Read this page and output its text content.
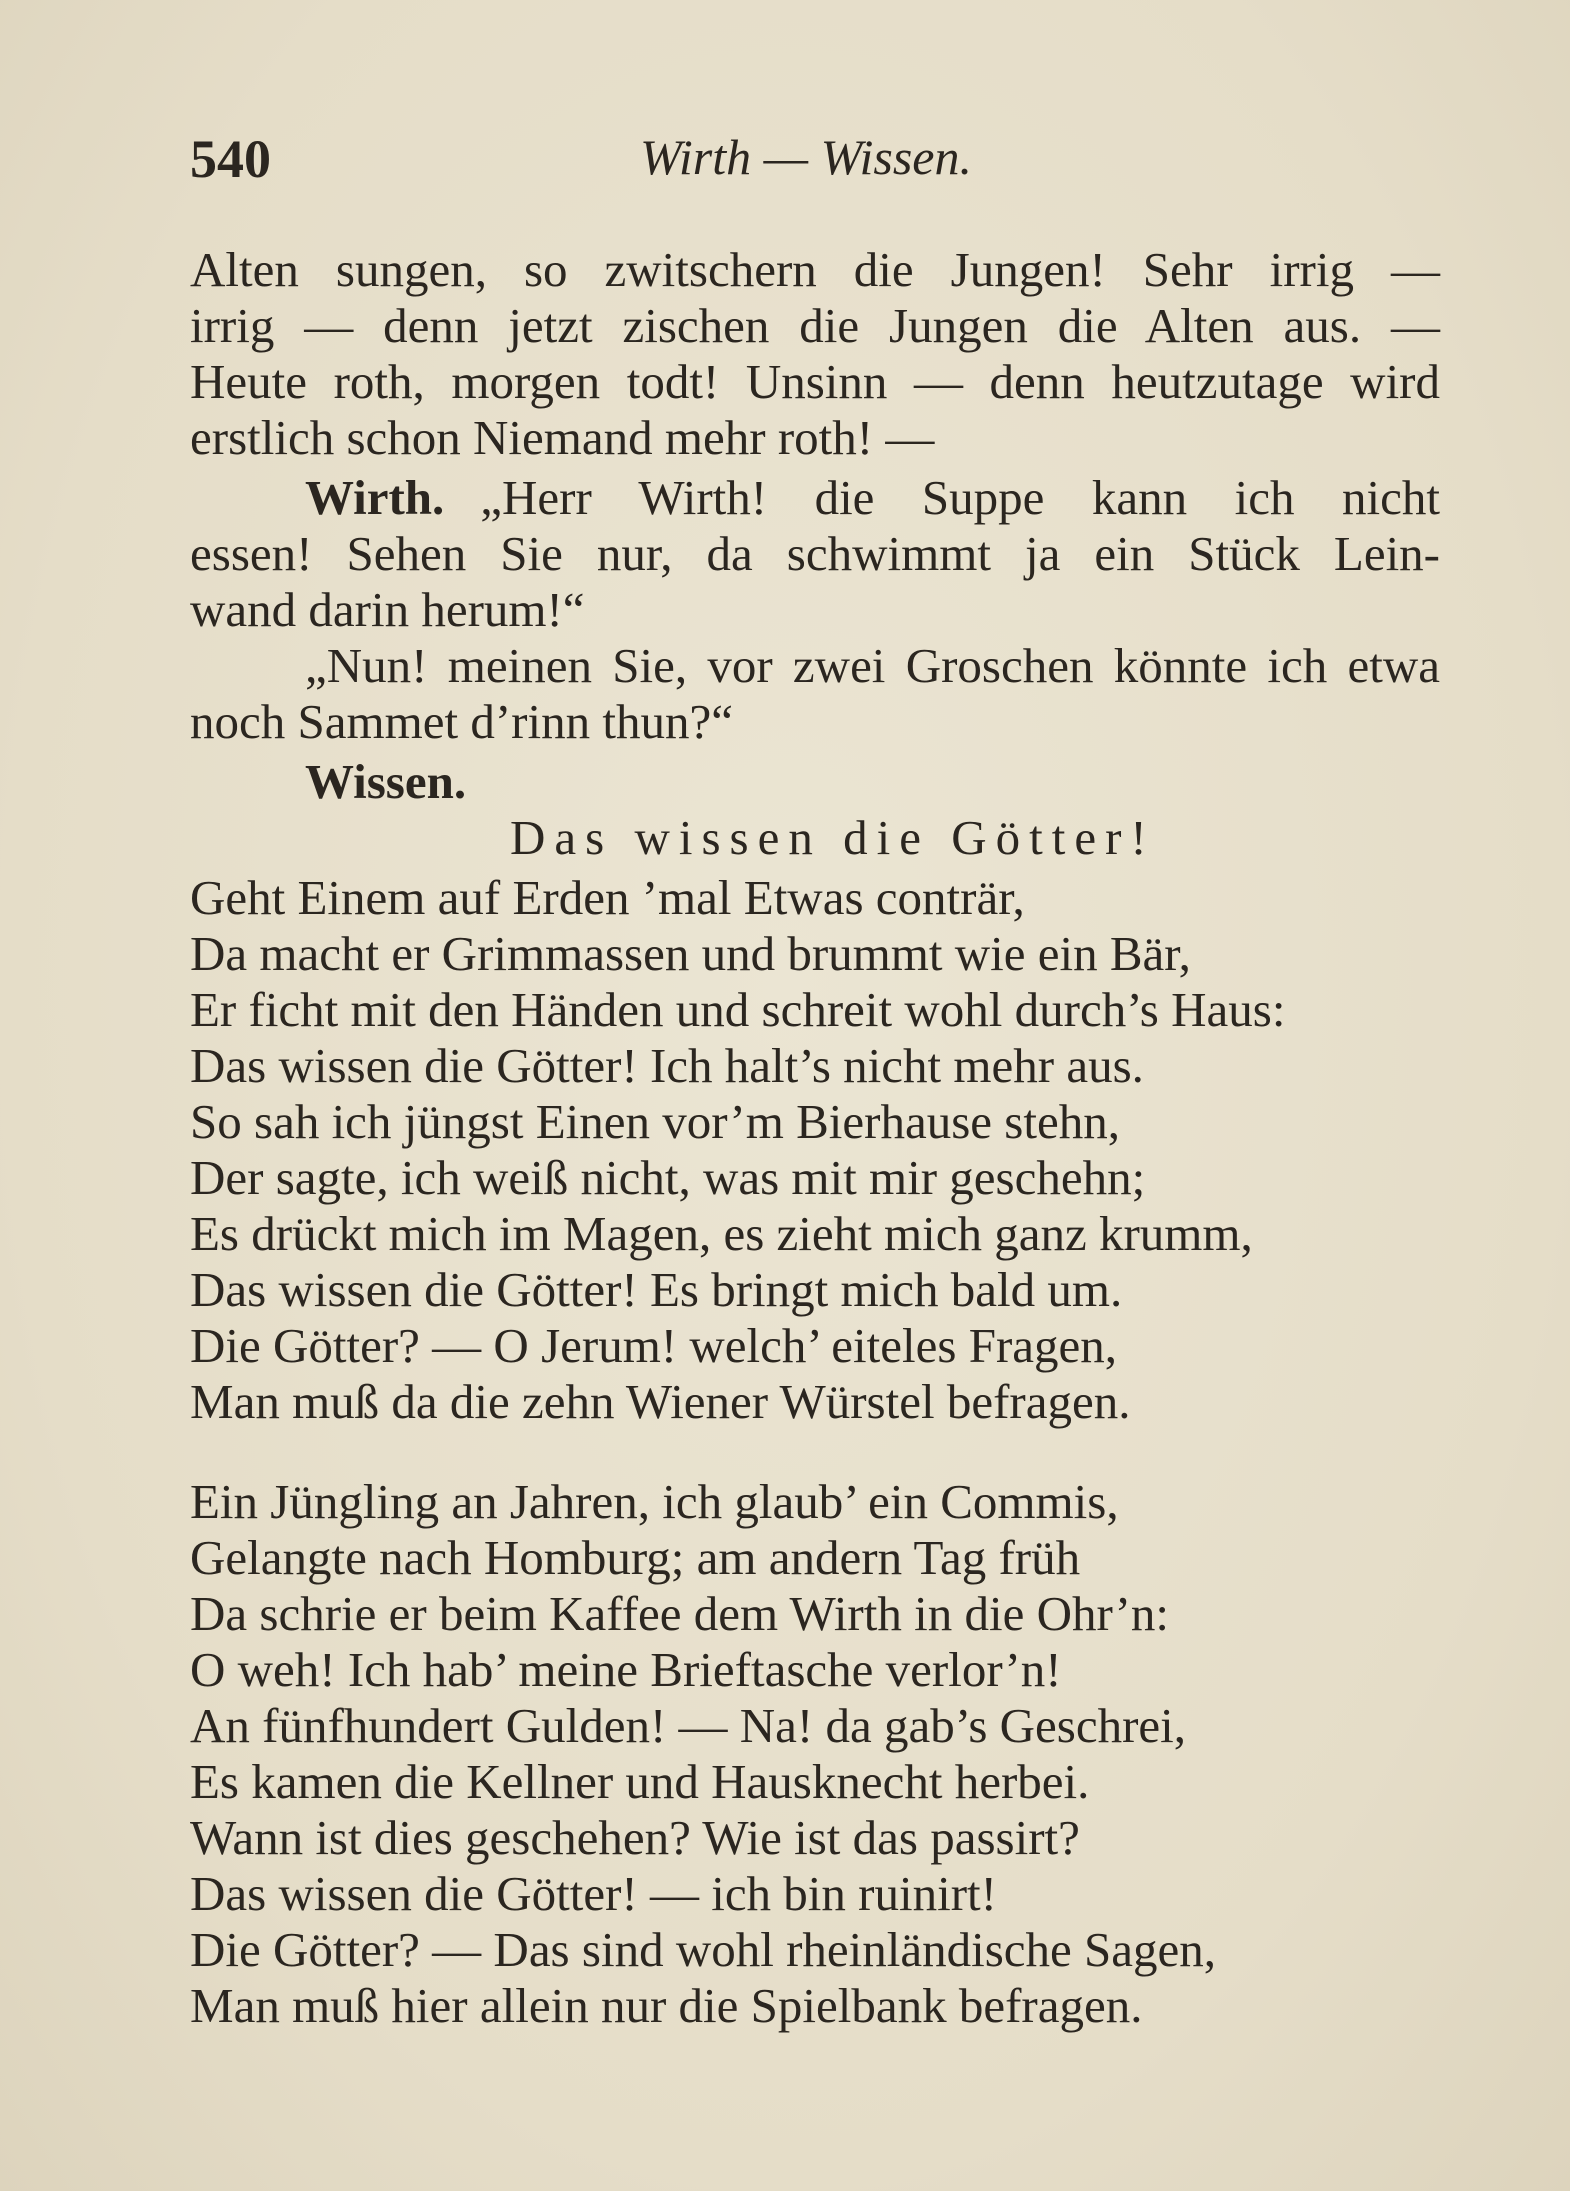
540	Wirth — Wissen.
Alten sungen, so zwitschern die Jungen! Sehr irrig —
irrig — denn jetzt zischen die Jungen die Alten aus. —
Heute roth, morgen todt! Unsinn — denn heutzutage wird
erstlich schon Niemand mehr roth! —
Wirth. „Herr Wirth! die Suppe kann ich nicht
essen! Sehen Sie nur, da schwimmt ja ein Stück Lein-
wand darin herum!“
„Nun! meinen Sie, vor zwei Groschen könnte ich etwa
noch Sammet d’rinn thun?“
Wissen.
Das wissen die Götter!
Geht Einem auf Erden ’mal Etwas conträr,
Da macht er Grimmassen und brummt wie ein Bär,
Er ficht mit den Händen und schreit wohl durch’s Haus:
Das wissen die Götter! Ich halt’s nicht mehr aus.
So sah ich jüngst Einen vor’m Bierhause stehn,
Der sagte, ich weiß nicht, was mit mir geschehn;
Es drückt mich im Magen, es zieht mich ganz krumm,
Das wissen die Götter! Es bringt mich bald um.
Die Götter? — O Jerum! welch’ eiteles Fragen,
Man muß da die zehn Wiener Würstel befragen.
Ein Jüngling an Jahren, ich glaub’ ein Commis,
Gelangte nach Homburg; am andern Tag früh
Da schrie er beim Kaffee dem Wirth in die Ohr’n:
O weh! Ich hab’ meine Brieftasche verlor’n!
An fünfhundert Gulden! — Na! da gab’s Geschrei,
Es kamen die Kellner und Hausknecht herbei.
Wann ist dies geschehen? Wie ist das passirt?
Das wissen die Götter! — ich bin ruinirt!
Die Götter? — Das sind wohl rheinländische Sagen,
Man muß hier allein nur die Spielbank befragen.
